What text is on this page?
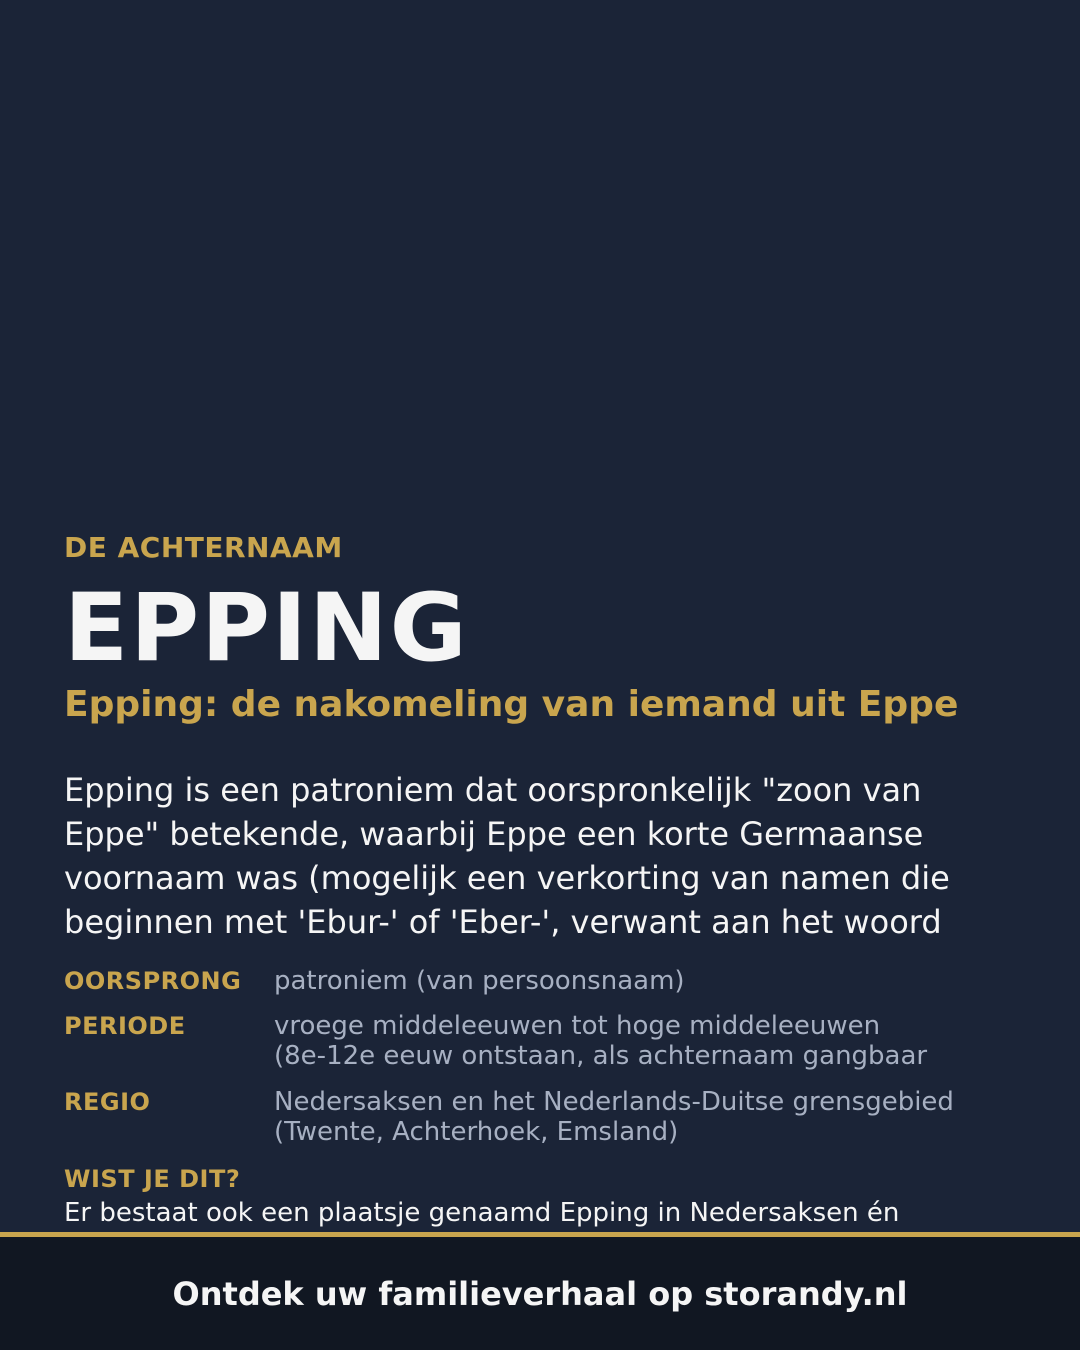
DE ACHTERNAAM
EPPING
Epping: de nakomeling van iemand uit Eppe
Epping is een patroniem dat oorspronkelijk "zoon van
Eppe" betekende, waarbij Eppe een korte Germaanse
voornaam was (mogelijk een verkorting van namen die
beginnen met 'Ebur-' of 'Eber-', verwant aan het woord
OORSPRONG patroniem (van persoonsnaam)
PERIODE	vroege middeleeuwen tot hoge middeleeuwen
(8e-12e eeuw ontstaan, als achternaam gangbaar
REGIO	Nedersaksen en het Nederlands-Duitse grensgebied
(Twente, Achterhoek, Emsland)
WIST JE DIT?
Er bestaat ook een plaatsje genaamd Epping in Nedersaksen én
Ontdek uw familieverhaal op storandy.nl
